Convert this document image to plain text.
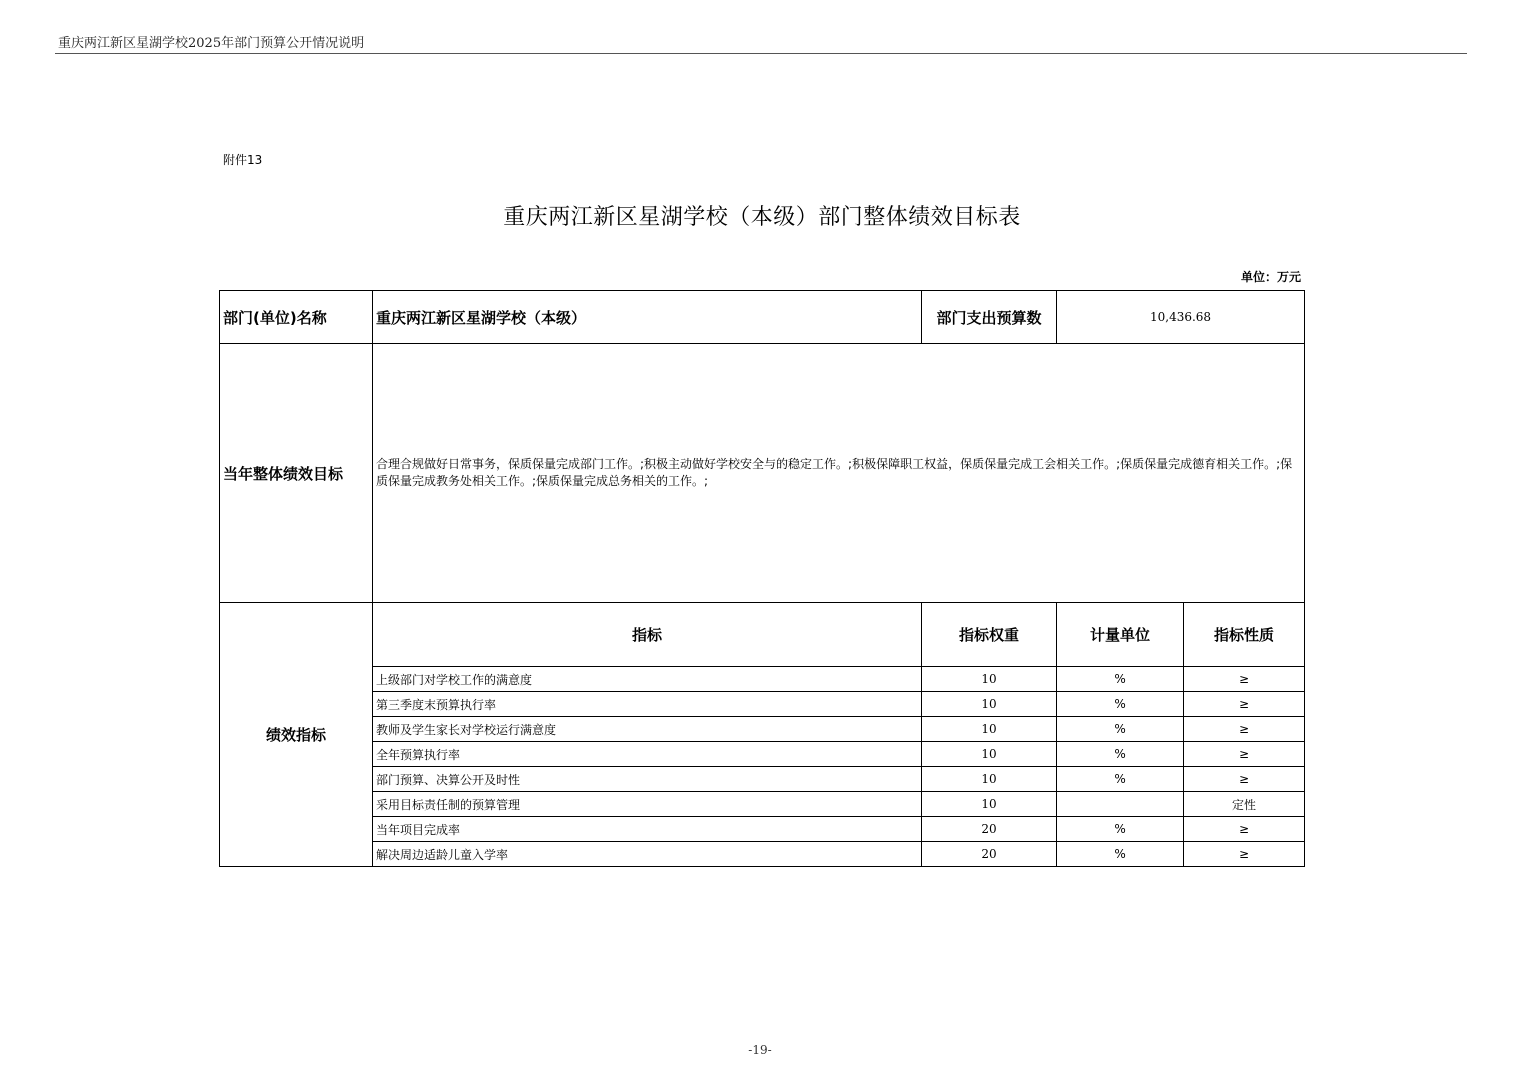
重庆两江新区星湖学校2025年部门预算公开情况说明
附件13
重庆两江新区星湖学校（本级）部门整体绩效目标表
单位：万元
部门(单位)名称	重庆两江新区星湖学校（本级）	部门支出预算数	10,436.68		
当年整体绩效目标	合理合规做好日常事务，保质保量完成部门工作。;积极主动做好学校安全与的稳定工作。;积极保障职工权益，保质保量完成工会相关工作。;保质保量完成德育相关工作。;保质保量完成教务处相关工作。;保质保量完成总务相关的工作。;				
绩效指标	指标	指标权重	计量单位	指标性质	
	上级部门对学校工作的满意度	10	%	≥	
	第三季度末预算执行率	10	%	≥	
	教师及学生家长对学校运行满意度	10	%	≥	
	全年预算执行率	10	%	≥	
	部门预算、决算公开及时性	10	%	≥	
	采用目标责任制的预算管理	10		定性	
	当年项目完成率	20	%	≥	
	解决周边适龄儿童入学率	20	%	≥	
-19-
